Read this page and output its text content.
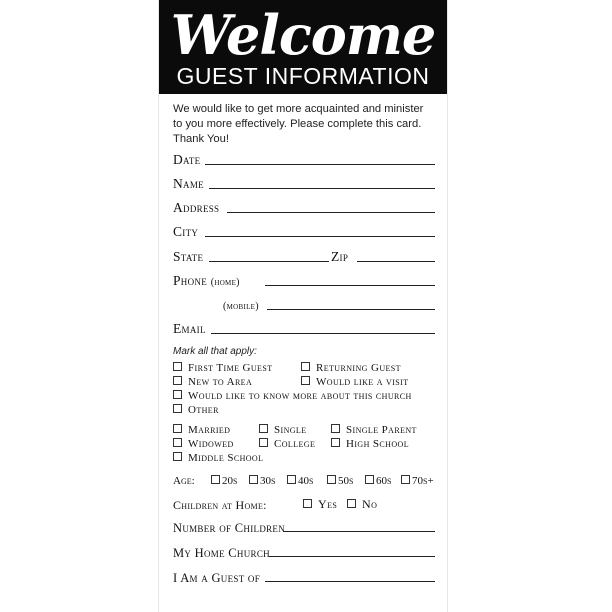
Welcome
GUEST INFORMATION
We would like to get more acquainted and minister
to you more effectively. Please complete this card.
Thank You!
Date
Name
Address
City
State	Zip
Phone (home)
(mobile)
Email
Mark all that apply:
First Time Guest	Returning Guest
New to Area	Would like a visit
Would like to know more about this church
Other
Married	Single	Single Parent
Widowed	College	High School
Middle School
Age:	20s	30s	40s	50s	60s	70s+
Children at Home:	Yes	No
Number of Children
My Home Church
I Am a Guest of
